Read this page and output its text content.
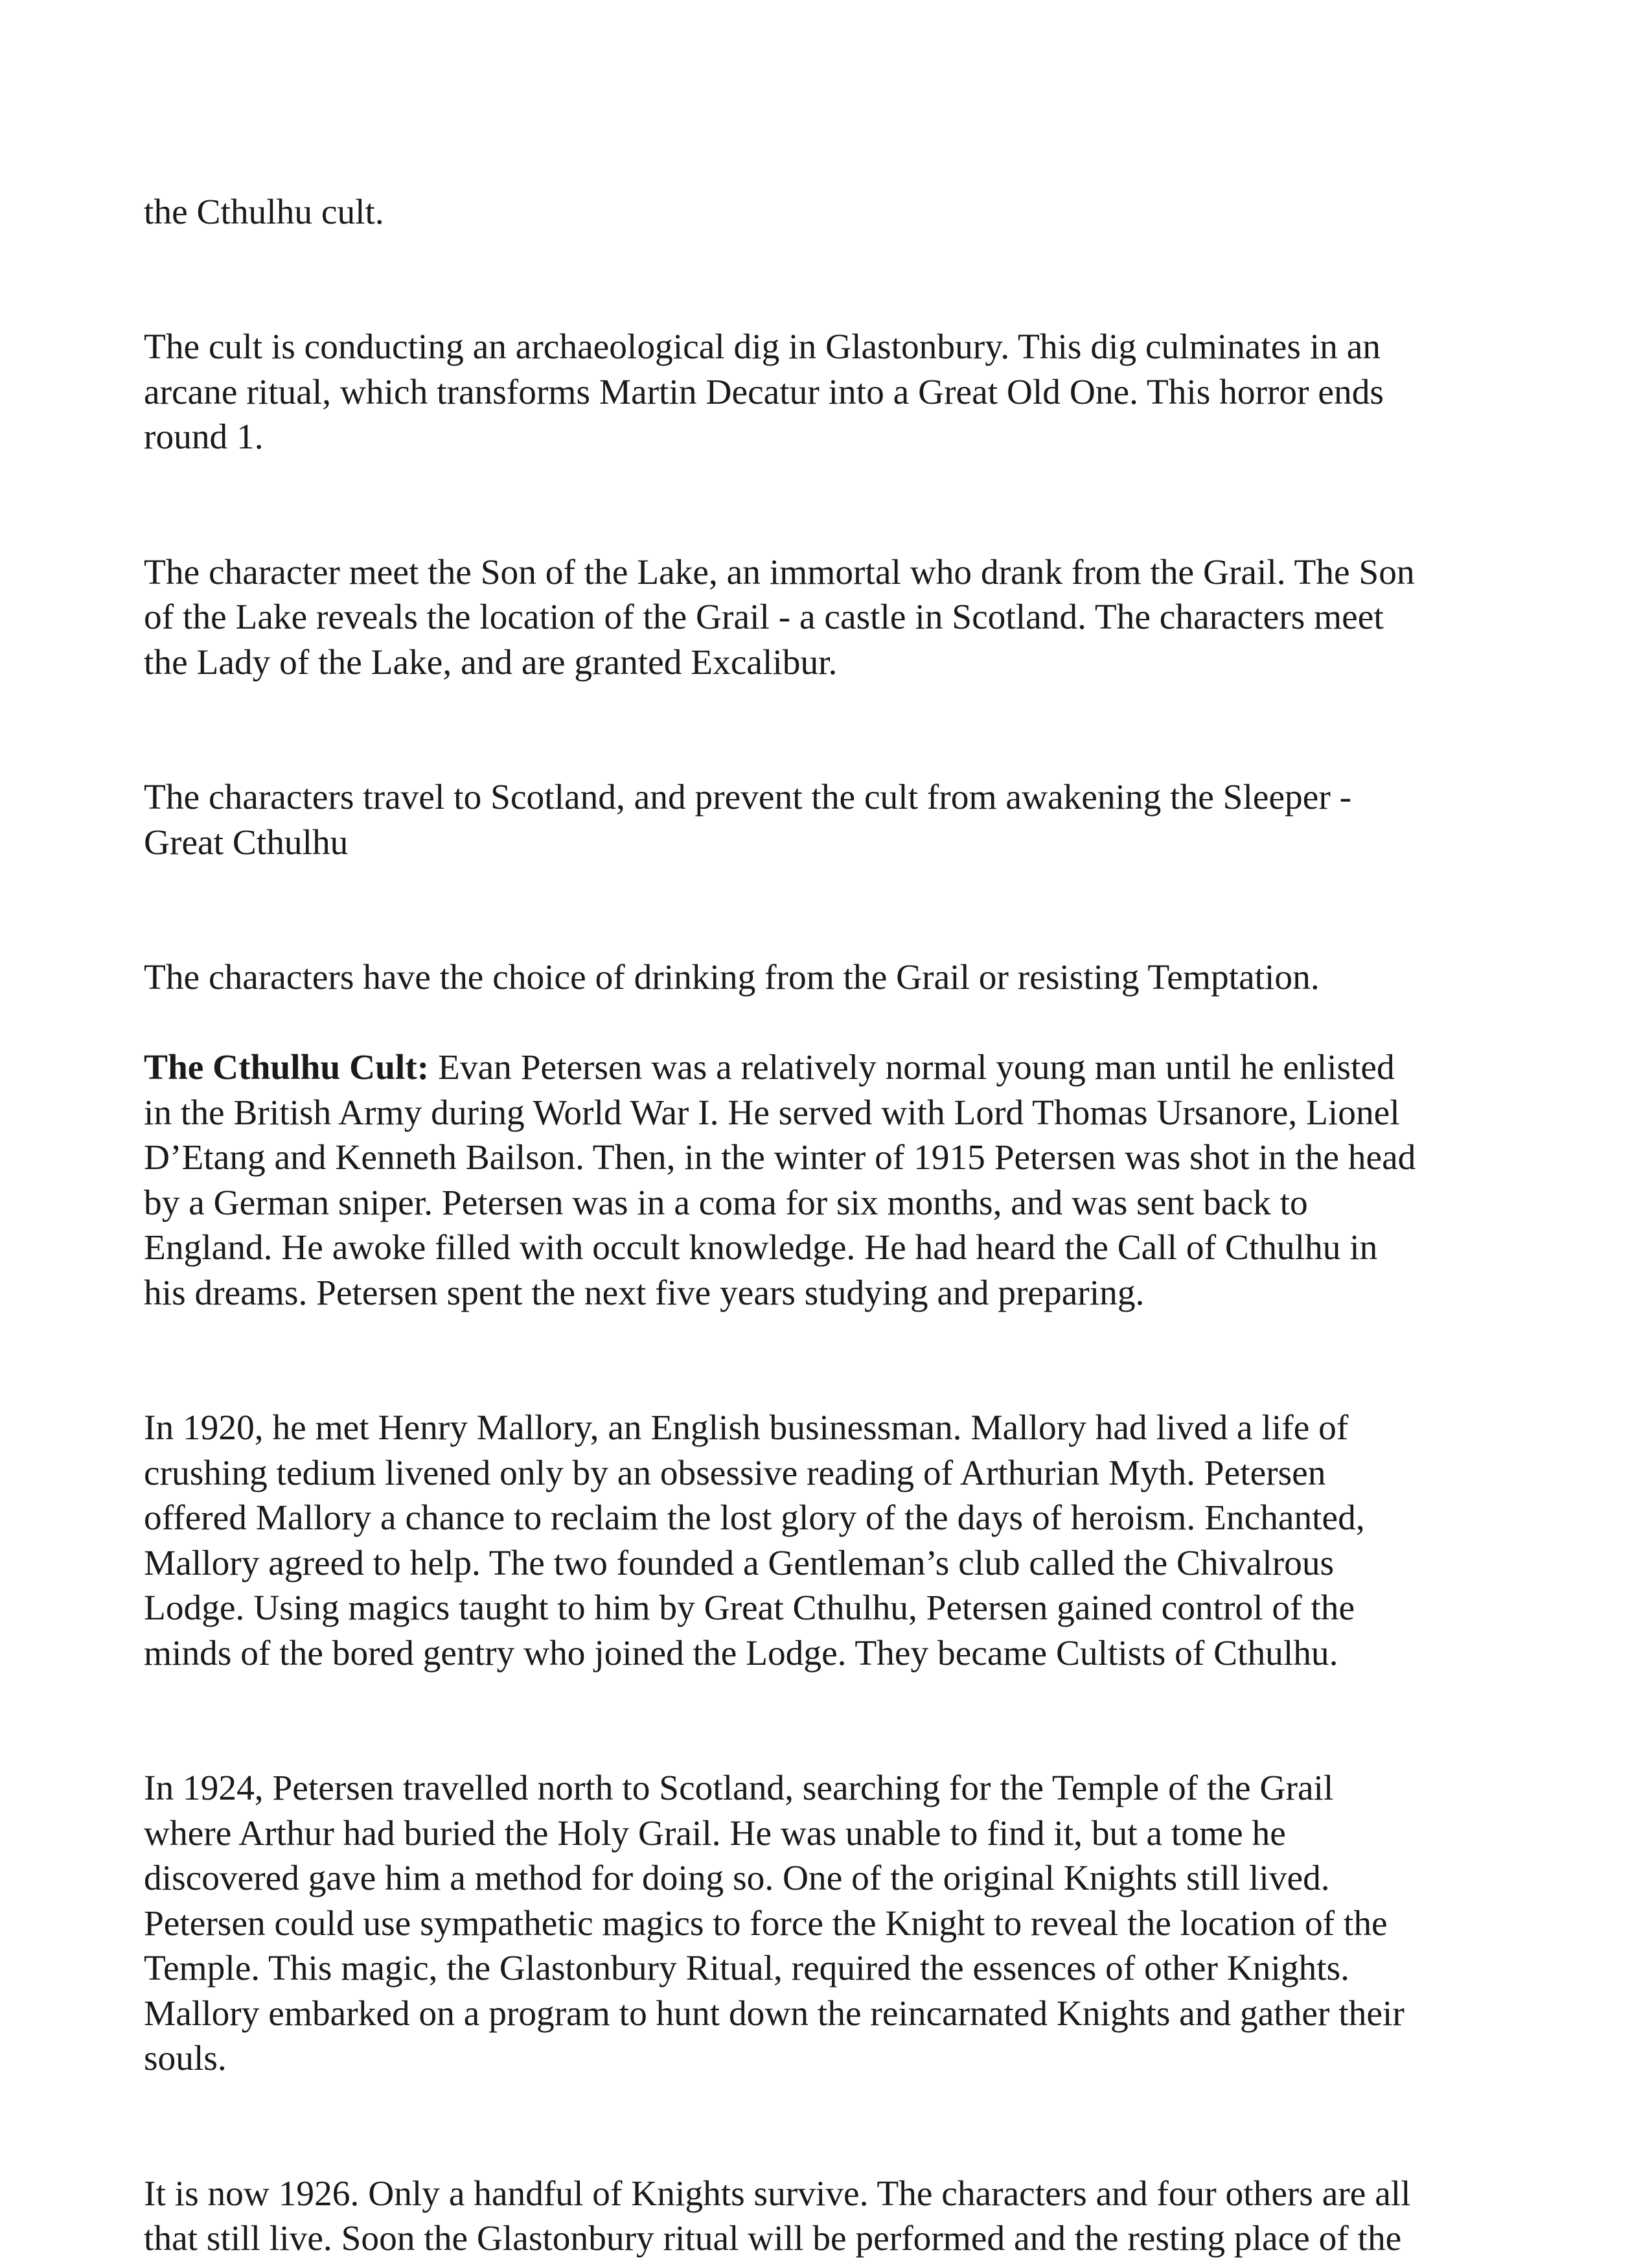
the Cthulhu cult.

The cult is conducting an archaeological dig in Glastonbury. This dig culminates in an
arcane ritual, which transforms Martin Decatur into a Great Old One. This horror ends
round 1.

The character meet the Son of the Lake, an immortal who drank from the Grail. The Son
of the Lake reveals the location of the Grail - a castle in Scotland. The characters meet
the Lady of the Lake, and are granted Excalibur.

The characters travel to Scotland, and prevent the cult from awakening the Sleeper -
Great Cthulhu

The characters have the choice of drinking from the Grail or resisting Temptation.

The Cthulhu Cult: Evan Petersen was a relatively normal young man until he enlisted
in the British Army during World War I. He served with Lord Thomas Ursanore, Lionel
D’Etang and Kenneth Bailson. Then, in the winter of 1915 Petersen was shot in the head
by a German sniper. Petersen was in a coma for six months, and was sent back to
England. He awoke filled with occult knowledge. He had heard the Call of Cthulhu in
his dreams. Petersen spent the next five years studying and preparing.

In 1920, he met Henry Mallory, an English businessman. Mallory had lived a life of
crushing tedium livened only by an obsessive reading of Arthurian Myth. Petersen
offered Mallory a chance to reclaim the lost glory of the days of heroism. Enchanted,
Mallory agreed to help. The two founded a Gentleman’s club called the Chivalrous
Lodge. Using magics taught to him by Great Cthulhu, Petersen gained control of the
minds of the bored gentry who joined the Lodge. They became Cultists of Cthulhu.

In 1924, Petersen travelled north to Scotland, searching for the Temple of the Grail
where Arthur had buried the Holy Grail. He was unable to find it, but a tome he
discovered gave him a method for doing so. One of the original Knights still lived.
Petersen could use sympathetic magics to force the Knight to reveal the location of the
Temple. This magic, the Glastonbury Ritual, required the essences of other Knights.
Mallory embarked on a program to hunt down the reincarnated Knights and gather their
souls.

It is now 1926. Only a handful of Knights survive. The characters and four others are all
that still live. Soon the Glastonbury ritual will be performed and the resting place of the
